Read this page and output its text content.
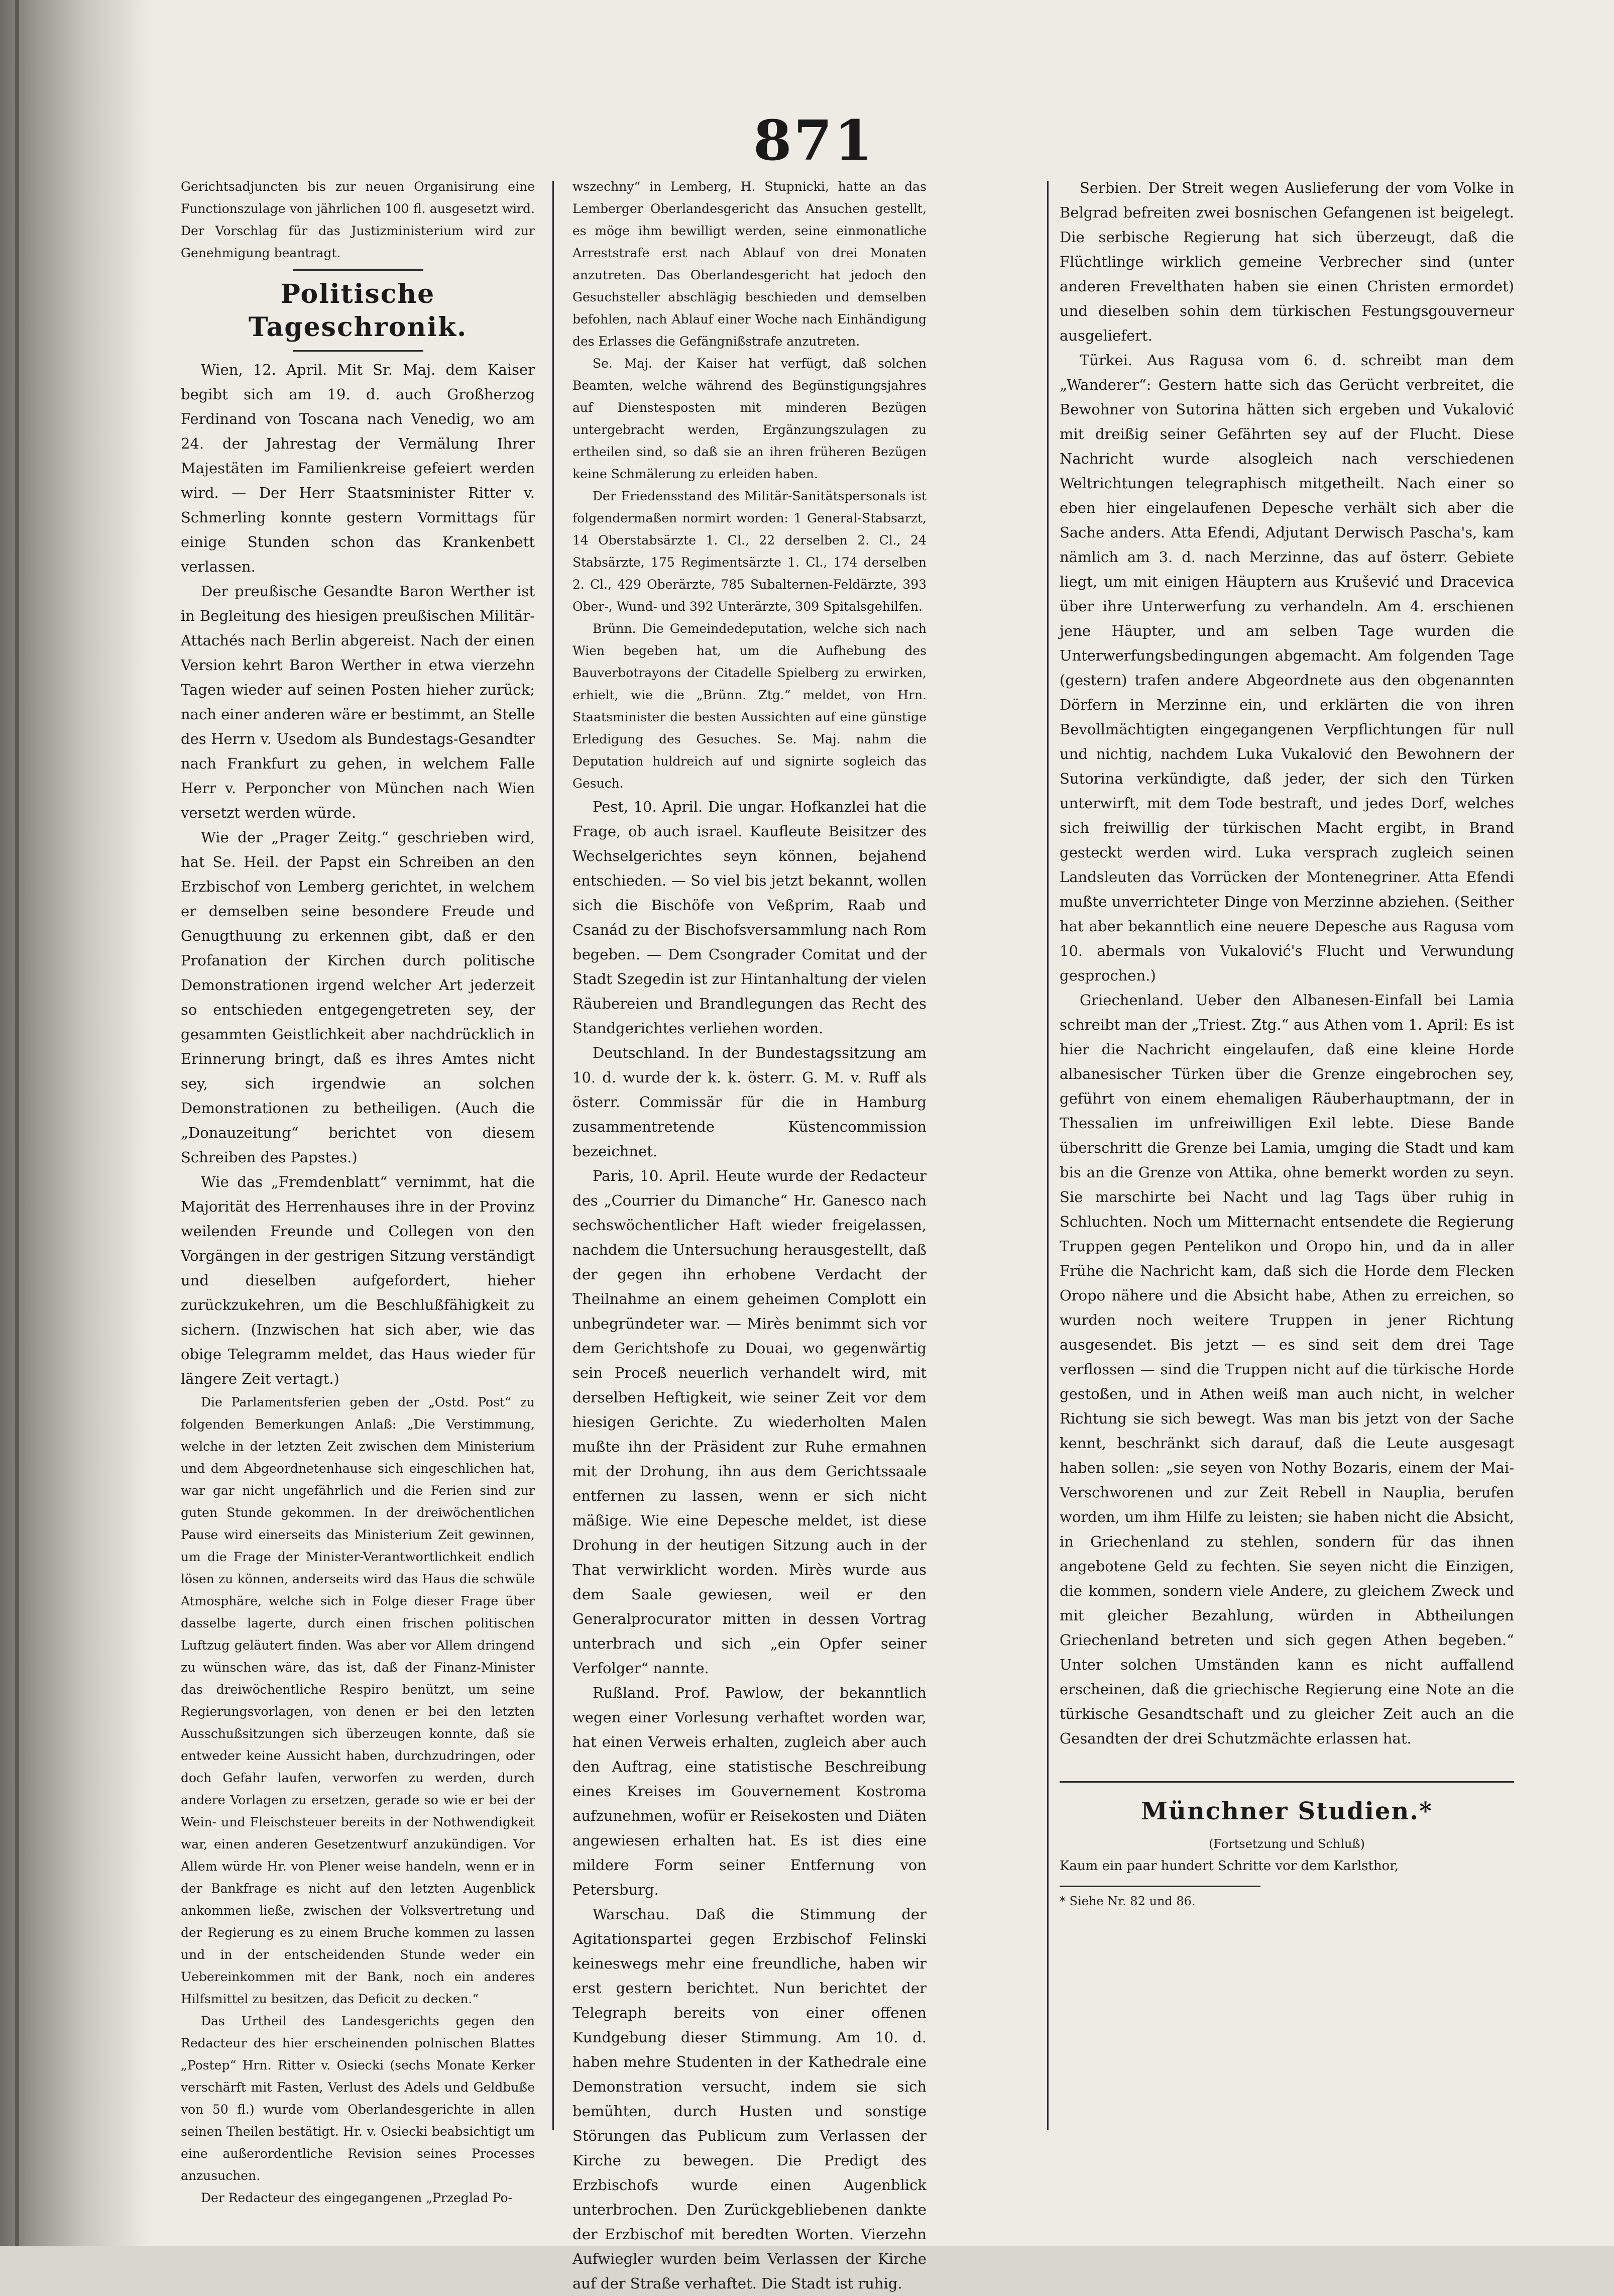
871

Gerichtsadjuncten bis zur neuen Organisirung eine Functionszulage von jährlichen 100 fl. ausgesetzt wird. Der Vorschlag für das Justizministerium wird zur Genehmigung beantragt.

Politische Tageschronik.

Wien, 12. April. Mit Sr. Maj. dem Kaiser begibt sich am 19. d. auch Großherzog Ferdinand von Toscana nach Venedig, wo am 24. der Jahrestag der Vermälung Ihrer Majestäten im Familienkreise gefeiert werden wird. — Der Herr Staatsminister Ritter v. Schmerling konnte gestern Vormittags für einige Stunden schon das Krankenbett verlassen.

Der preußische Gesandte Baron Werther ist in Begleitung des hiesigen preußischen Militär-Attachés nach Berlin abgereist. Nach der einen Version kehrt Baron Werther in etwa vierzehn Tagen wieder auf seinen Posten hieher zurück; nach einer anderen wäre er bestimmt, an Stelle des Herrn v. Usedom als Bundestags-Gesandter nach Frankfurt zu gehen, in welchem Falle Herr v. Perponcher von München nach Wien versetzt werden würde.

Wie der „Prager Zeitg.“ geschrieben wird, hat Se. Heil. der Papst ein Schreiben an den Erzbischof von Lemberg gerichtet, in welchem er demselben seine besondere Freude und Genugthuung zu erkennen gibt, daß er den Profanation der Kirchen durch politische Demonstrationen irgend welcher Art jederzeit so entschieden entgegengetreten sey, der gesammten Geistlichkeit aber nachdrücklich in Erinnerung bringt, daß es ihres Amtes nicht sey, sich irgendwie an solchen Demonstrationen zu betheiligen. (Auch die „Donauzeitung“ berichtet von diesem Schreiben des Papstes.)

Wie das „Fremdenblatt“ vernimmt, hat die Majorität des Herrenhauses ihre in der Provinz weilenden Freunde und Collegen von den Vorgängen in der gestrigen Sitzung verständigt und dieselben aufgefordert, hieher zurückzukehren, um die Beschlußfähigkeit zu sichern. (Inzwischen hat sich aber, wie das obige Telegramm meldet, das Haus wieder für längere Zeit vertagt.)

Die Parlamentsferien geben der „Ostd. Post“ zu folgenden Bemerkungen Anlaß: „Die Verstimmung, welche in der letzten Zeit zwischen dem Ministerium und dem Abgeordnetenhause sich eingeschlichen hat, war gar nicht ungefährlich und die Ferien sind zur guten Stunde gekommen. In der dreiwöchentlichen Pause wird einerseits das Ministerium Zeit gewinnen, um die Frage der Minister-Verantwortlichkeit endlich lösen zu können, anderseits wird das Haus die schwüle Atmosphäre, welche sich in Folge dieser Frage über dasselbe lagerte, durch einen frischen politischen Luftzug geläutert finden. Was aber vor Allem dringend zu wünschen wäre, das ist, daß der Finanz-Minister das dreiwöchentliche Respiro benützt, um seine Regierungsvorlagen, von denen er bei den letzten Ausschußsitzungen sich überzeugen konnte, daß sie entweder keine Aussicht haben, durchzudringen, oder doch Gefahr laufen, verworfen zu werden, durch andere Vorlagen zu ersetzen, gerade so wie er bei der Wein- und Fleischsteuer bereits in der Nothwendigkeit war, einen anderen Gesetzentwurf anzukündigen. Vor Allem würde Hr. von Plener weise handeln, wenn er in der Bankfrage es nicht auf den letzten Augenblick ankommen ließe, zwischen der Volksvertretung und der Regierung es zu einem Bruche kommen zu lassen und in der entscheidenden Stunde weder ein Uebereinkommen mit der Bank, noch ein anderes Hilfsmittel zu besitzen, das Deficit zu decken.“

Das Urtheil des Landesgerichts gegen den Redacteur des hier erscheinenden polnischen Blattes „Postep“ Hrn. Ritter v. Osiecki (sechs Monate Kerker verschärft mit Fasten, Verlust des Adels und Geldbuße von 50 fl.) wurde vom Oberlandesgerichte in allen seinen Theilen bestätigt. Hr. v. Osiecki beabsichtigt um eine außerordentliche Revision seines Processes anzusuchen.

Der Redacteur des eingegangenen „Przeglad Po-

wszechny“ in Lemberg, H. Stupnicki, hatte an das Lemberger Oberlandesgericht das Ansuchen gestellt, es möge ihm bewilligt werden, seine einmonatliche Arreststrafe erst nach Ablauf von drei Monaten anzutreten. Das Oberlandesgericht hat jedoch den Gesuchsteller abschlägig beschieden und demselben befohlen, nach Ablauf einer Woche nach Einhändigung des Erlasses die Gefängnißstrafe anzutreten.

Se. Maj. der Kaiser hat verfügt, daß solchen Beamten, welche während des Begünstigungsjahres auf Dienstesposten mit minderen Bezügen untergebracht werden, Ergänzungszulagen zu ertheilen sind, so daß sie an ihren früheren Bezügen keine Schmälerung zu erleiden haben.

Der Friedensstand des Militär-Sanitätspersonals ist folgendermaßen normirt worden: 1 General-Stabsarzt, 14 Oberstabsärzte 1. Cl., 22 derselben 2. Cl., 24 Stabsärzte, 175 Regimentsärzte 1. Cl., 174 derselben 2. Cl., 429 Oberärzte, 785 Subalternen-Feldärzte, 393 Ober-, Wund- und 392 Unterärzte, 309 Spitalsgehilfen.

Brünn. Die Gemeindedeputation, welche sich nach Wien begeben hat, um die Aufhebung des Bauverbotrayons der Citadelle Spielberg zu erwirken, erhielt, wie die „Brünn. Ztg.“ meldet, von Hrn. Staatsminister die besten Aussichten auf eine günstige Erledigung des Gesuches. Se. Maj. nahm die Deputation huldreich auf und signirte sogleich das Gesuch.

Pest, 10. April. Die ungar. Hofkanzlei hat die Frage, ob auch israel. Kaufleute Beisitzer des Wechselgerichtes seyn können, bejahend entschieden. — So viel bis jetzt bekannt, wollen sich die Bischöfe von Veßprim, Raab und Csanád zu der Bischofsversammlung nach Rom begeben. — Dem Csongrader Comitat und der Stadt Szegedin ist zur Hintanhaltung der vielen Räubereien und Brandlegungen das Recht des Standgerichtes verliehen worden.

Deutschland. In der Bundestagssitzung am 10. d. wurde der k. k. österr. G. M. v. Ruff als österr. Commissär für die in Hamburg zusammentretende Küstencommission bezeichnet.

Paris, 10. April. Heute wurde der Redacteur des „Courrier du Dimanche“ Hr. Ganesco nach sechswöchentlicher Haft wieder freigelassen, nachdem die Untersuchung herausgestellt, daß der gegen ihn erhobene Verdacht der Theilnahme an einem geheimen Complott ein unbegründeter war. — Mirès benimmt sich vor dem Gerichtshofe zu Douai, wo gegenwärtig sein Proceß neuerlich verhandelt wird, mit derselben Heftigkeit, wie seiner Zeit vor dem hiesigen Gerichte. Zu wiederholten Malen mußte ihn der Präsident zur Ruhe ermahnen mit der Drohung, ihn aus dem Gerichtssaale entfernen zu lassen, wenn er sich nicht mäßige. Wie eine Depesche meldet, ist diese Drohung in der heutigen Sitzung auch in der That verwirklicht worden. Mirès wurde aus dem Saale gewiesen, weil er den Generalprocurator mitten in dessen Vortrag unterbrach und sich „ein Opfer seiner Verfolger“ nannte.

Rußland. Prof. Pawlow, der bekanntlich wegen einer Vorlesung verhaftet worden war, hat einen Verweis erhalten, zugleich aber auch den Auftrag, eine statistische Beschreibung eines Kreises im Gouvernement Kostroma aufzunehmen, wofür er Reisekosten und Diäten angewiesen erhalten hat. Es ist dies eine mildere Form seiner Entfernung von Petersburg.

Warschau. Daß die Stimmung der Agitationspartei gegen Erzbischof Felinski keineswegs mehr eine freundliche, haben wir erst gestern berichtet. Nun berichtet der Telegraph bereits von einer offenen Kundgebung dieser Stimmung. Am 10. d. haben mehre Studenten in der Kathedrale eine Demonstration versucht, indem sie sich bemühten, durch Husten und sonstige Störungen das Publicum zum Verlassen der Kirche zu bewegen. Die Predigt des Erzbischofs wurde einen Augenblick unterbrochen. Den Zurückgebliebenen dankte der Erzbischof mit beredten Worten. Vierzehn Aufwiegler wurden beim Verlassen der Kirche auf der Straße verhaftet. Die Stadt ist ruhig.

Serbien. Der Streit wegen Auslieferung der vom Volke in Belgrad befreiten zwei bosnischen Gefangenen ist beigelegt. Die serbische Regierung hat sich überzeugt, daß die Flüchtlinge wirklich gemeine Verbrecher sind (unter anderen Frevelthaten haben sie einen Christen ermordet) und dieselben sohin dem türkischen Festungsgouverneur ausgeliefert.

Türkei. Aus Ragusa vom 6. d. schreibt man dem „Wanderer“: Gestern hatte sich das Gerücht verbreitet, die Bewohner von Sutorina hätten sich ergeben und Vukalović mit dreißig seiner Gefährten sey auf der Flucht. Diese Nachricht wurde alsogleich nach verschiedenen Weltrichtungen telegraphisch mitgetheilt. Nach einer so eben hier eingelaufenen Depesche verhält sich aber die Sache anders. Atta Efendi, Adjutant Derwisch Pascha's, kam nämlich am 3. d. nach Merzinne, das auf österr. Gebiete liegt, um mit einigen Häuptern aus Krušević und Dracevica über ihre Unterwerfung zu verhandeln. Am 4. erschienen jene Häupter, und am selben Tage wurden die Unterwerfungsbedingungen abgemacht. Am folgenden Tage (gestern) trafen andere Abgeordnete aus den obgenannten Dörfern in Merzinne ein, und erklärten die von ihren Bevollmächtigten eingegangenen Verpflichtungen für null und nichtig, nachdem Luka Vukalović den Bewohnern der Sutorina verkündigte, daß jeder, der sich den Türken unterwirft, mit dem Tode bestraft, und jedes Dorf, welches sich freiwillig der türkischen Macht ergibt, in Brand gesteckt werden wird. Luka versprach zugleich seinen Landsleuten das Vorrücken der Montenegriner. Atta Efendi mußte unverrichteter Dinge von Merzinne abziehen. (Seither hat aber bekanntlich eine neuere Depesche aus Ragusa vom 10. abermals von Vukalović's Flucht und Verwundung gesprochen.)

Griechenland. Ueber den Albanesen-Einfall bei Lamia schreibt man der „Triest. Ztg.“ aus Athen vom 1. April: Es ist hier die Nachricht eingelaufen, daß eine kleine Horde albanesischer Türken über die Grenze eingebrochen sey, geführt von einem ehemaligen Räuberhauptmann, der in Thessalien im unfreiwilligen Exil lebte. Diese Bande überschritt die Grenze bei Lamia, umging die Stadt und kam bis an die Grenze von Attika, ohne bemerkt worden zu seyn. Sie marschirte bei Nacht und lag Tags über ruhig in Schluchten. Noch um Mitternacht entsendete die Regierung Truppen gegen Pentelikon und Oropo hin, und da in aller Frühe die Nachricht kam, daß sich die Horde dem Flecken Oropo nähere und die Absicht habe, Athen zu erreichen, so wurden noch weitere Truppen in jener Richtung ausgesendet. Bis jetzt — es sind seit dem drei Tage verflossen — sind die Truppen nicht auf die türkische Horde gestoßen, und in Athen weiß man auch nicht, in welcher Richtung sie sich bewegt. Was man bis jetzt von der Sache kennt, beschränkt sich darauf, daß die Leute ausgesagt haben sollen: „sie seyen von Nothy Bozaris, einem der Mai-Verschworenen und zur Zeit Rebell in Nauplia, berufen worden, um ihm Hilfe zu leisten; sie haben nicht die Absicht, in Griechenland zu stehlen, sondern für das ihnen angebotene Geld zu fechten. Sie seyen nicht die Einzigen, die kommen, sondern viele Andere, zu gleichem Zweck und mit gleicher Bezahlung, würden in Abtheilungen Griechenland betreten und sich gegen Athen begeben.“ Unter solchen Umständen kann es nicht auffallend erscheinen, daß die griechische Regierung eine Note an die türkische Gesandtschaft und zu gleicher Zeit auch an die Gesandten der drei Schutzmächte erlassen hat.

Münchner Studien.*

(Fortsetzung und Schluß)

Kaum ein paar hundert Schritte vor dem Karlsthor,

* Siehe Nr. 82 und 86.
